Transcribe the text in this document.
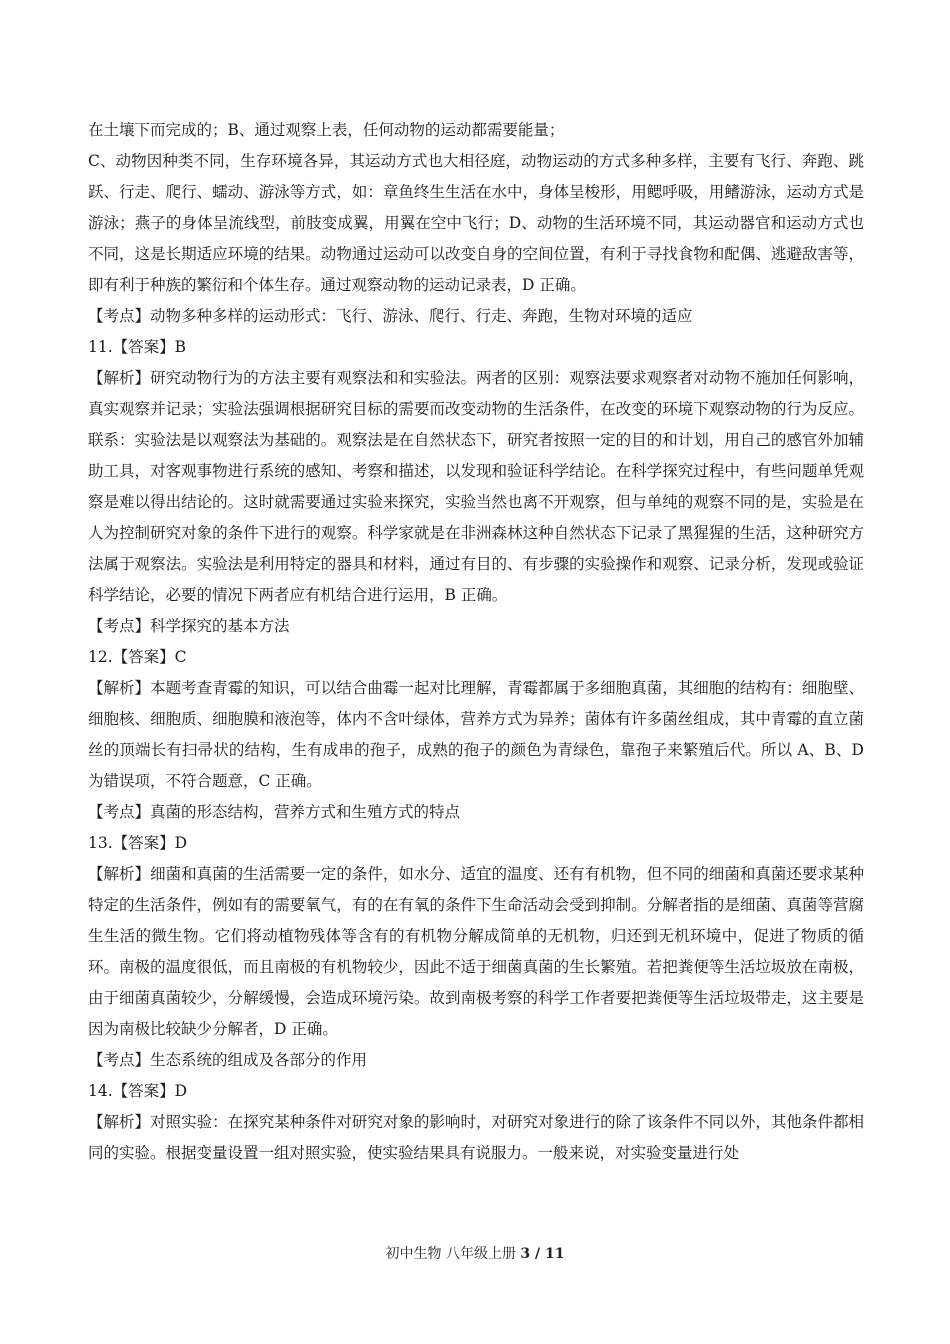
在土壤下而完成的；B、通过观察上表，任何动物的运动都需要能量；

C、动物因种类不同，生存环境各异，其运动方式也大相径庭，动物运动的方式多种多样，主要有飞行、奔跑、跳跃、行走、爬行、蠕动、游泳等方式，如：章鱼终生生活在水中，身体呈梭形，用鳃呼吸，用鳍游泳，运动方式是游泳；燕子的身体呈流线型，前肢变成翼，用翼在空中飞行；D、动物的生活环境不同，其运动器官和运动方式也不同，这是长期适应环境的结果。动物通过运动可以改变自身的空间位置，有利于寻找食物和配偶、逃避敌害等，即有利于种族的繁衍和个体生存。通过观察动物的运动记录表，D 正确。

【考点】动物多种多样的运动形式：飞行、游泳、爬行、行走、奔跑，生物对环境的适应

11.【答案】B

【解析】研究动物行为的方法主要有观察法和和实验法。两者的区别：观察法要求观察者对动物不施加任何影响，真实观察并记录；实验法强调根据研究目标的需要而改变动物的生活条件，在改变的环境下观察动物的行为反应。联系：实验法是以观察法为基础的。观察法是在自然状态下，研究者按照一定的目的和计划，用自己的感官外加辅助工具，对客观事物进行系统的感知、考察和描述，以发现和验证科学结论。在科学探究过程中，有些问题单凭观察是难以得出结论的。这时就需要通过实验来探究，实验当然也离不开观察，但与单纯的观察不同的是，实验是在人为控制研究对象的条件下进行的观察。科学家就是在非洲森林这种自然状态下记录了黑猩猩的生活，这种研究方法属于观察法。实验法是利用特定的器具和材料，通过有目的、有步骤的实验操作和观察、记录分析，发现或验证科学结论，必要的情况下两者应有机结合进行运用，B 正确。

【考点】科学探究的基本方法

12.【答案】C

【解析】本题考查青霉的知识，可以结合曲霉一起对比理解，青霉都属于多细胞真菌，其细胞的结构有：细胞壁、细胞核、细胞质、细胞膜和液泡等，体内不含叶绿体，营养方式为异养；菌体有许多菌丝组成，其中青霉的直立菌丝的顶端长有扫帚状的结构，生有成串的孢子，成熟的孢子的颜色为青绿色，靠孢子来繁殖后代。所以 A、B、D 为错误项，不符合题意，C 正确。

【考点】真菌的形态结构，营养方式和生殖方式的特点

13.【答案】D

【解析】细菌和真菌的生活需要一定的条件，如水分、适宜的温度、还有有机物，但不同的细菌和真菌还要求某种特定的生活条件，例如有的需要氧气，有的在有氧的条件下生命活动会受到抑制。分解者指的是细菌、真菌等营腐生生活的微生物。它们将动植物残体等含有的有机物分解成简单的无机物，归还到无机环境中，促进了物质的循环。南极的温度很低，而且南极的有机物较少，因此不适于细菌真菌的生长繁殖。若把粪便等生活垃圾放在南极，由于细菌真菌较少，分解缓慢，会造成环境污染。故到南极考察的科学工作者要把粪便等生活垃圾带走，这主要是因为南极比较缺少分解者，D 正确。

【考点】生态系统的组成及各部分的作用

14.【答案】D

【解析】对照实验：在探究某种条件对研究对象的影响时，对研究对象进行的除了该条件不同以外，其他条件都相同的实验。根据变量设置一组对照实验，使实验结果具有说服力。一般来说，对实验变量进行处

初中生物 八年级上册 3 / 11
